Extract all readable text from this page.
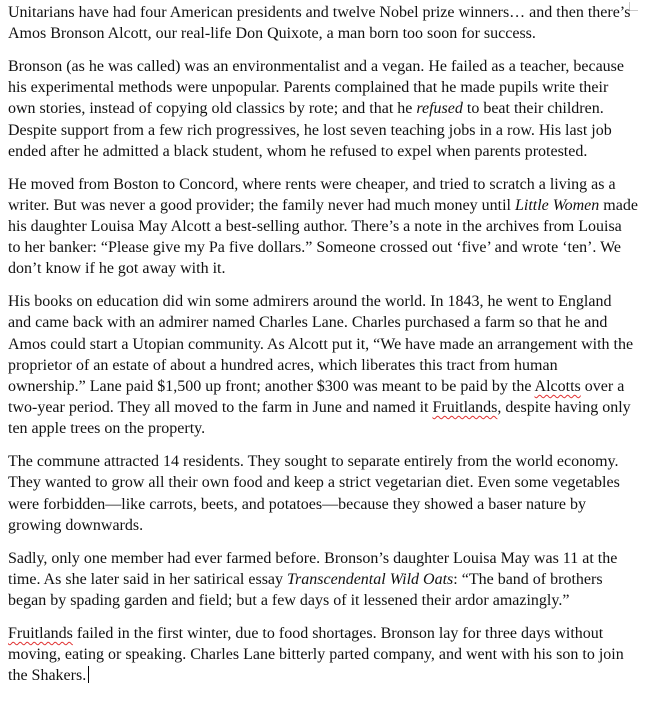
Unitarians have had four American presidents and twelve Nobel prize winners… and then there’s Amos Bronson Alcott, our real-life Don Quixote, a man born too soon for success.

Bronson (as he was called) was an environmentalist and a vegan. He failed as a teacher, because his experimental methods were unpopular. Parents complained that he made pupils write their own stories, instead of copying old classics by rote; and that he refused to beat their children. Despite support from a few rich progressives, he lost seven teaching jobs in a row. His last job ended after he admitted a black student, whom he refused to expel when parents protested.

He moved from Boston to Concord, where rents were cheaper, and tried to scratch a living as a writer. But was never a good provider; the family never had much money until Little Women made his daughter Louisa May Alcott a best-selling author. There’s a note in the archives from Louisa to her banker: “Please give my Pa five dollars.” Someone crossed out ‘five’ and wrote ‘ten’. We don’t know if he got away with it.

His books on education did win some admirers around the world. In 1843, he went to England and came back with an admirer named Charles Lane. Charles purchased a farm so that he and Amos could start a Utopian community. As Alcott put it, “We have made an arrangement with the proprietor of an estate of about a hundred acres, which liberates this tract from human ownership.” Lane paid $1,500 up front; another $300 was meant to be paid by the Alcotts over a two-year period. They all moved to the farm in June and named it Fruitlands, despite having only ten apple trees on the property.

The commune attracted 14 residents. They sought to separate entirely from the world economy. They wanted to grow all their own food and keep a strict vegetarian diet. Even some vegetables were forbidden—like carrots, beets, and potatoes—because they showed a baser nature by growing downwards.

Sadly, only one member had ever farmed before. Bronson’s daughter Louisa May was 11 at the time. As she later said in her satirical essay Transcendental Wild Oats: “The band of brothers began by spading garden and field; but a few days of it lessened their ardor amazingly.”

Fruitlands failed in the first winter, due to food shortages. Bronson lay for three days without moving, eating or speaking. Charles Lane bitterly parted company, and went with his son to join the Shakers.
